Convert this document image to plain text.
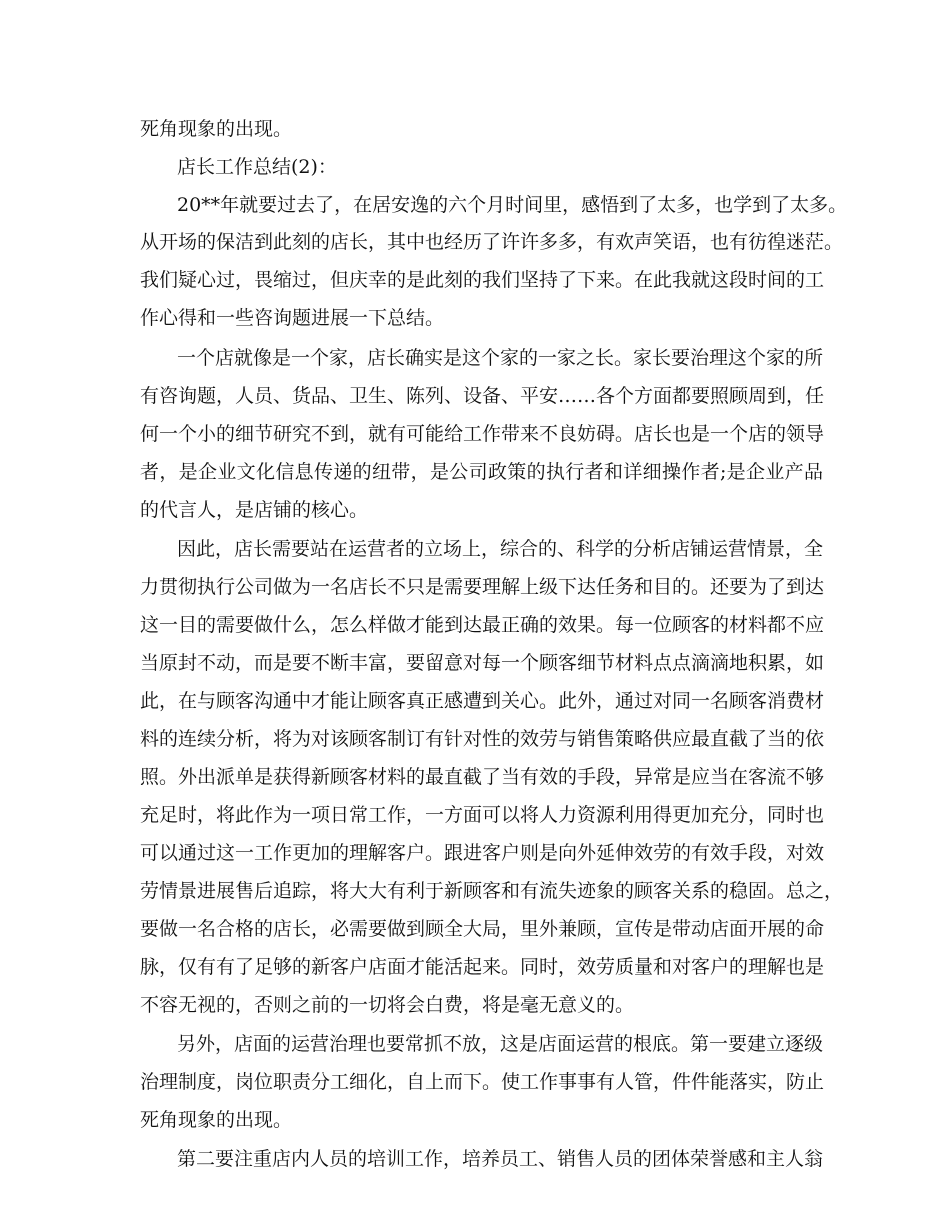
死角现象的出现。
店长工作总结(2)：
20**年就要过去了，在居安逸的六个月时间里，感悟到了太多，也学到了太多。
从开场的保洁到此刻的店长，其中也经历了许许多多，有欢声笑语，也有彷徨迷茫。
我们疑心过，畏缩过，但庆幸的是此刻的我们坚持了下来。在此我就这段时间的工
作心得和一些咨询题进展一下总结。
一个店就像是一个家，店长确实是这个家的一家之长。家长要治理这个家的所
有咨询题，人员、货品、卫生、陈列、设备、平安……各个方面都要照顾周到，任
何一个小的细节研究不到，就有可能给工作带来不良妨碍。店长也是一个店的领导
者，是企业文化信息传递的纽带，是公司政策的执行者和详细操作者;是企业产品
的代言人，是店铺的核心。
因此，店长需要站在运营者的立场上，综合的、科学的分析店铺运营情景，全
力贯彻执行公司做为一名店长不只是需要理解上级下达任务和目的。还要为了到达
这一目的需要做什么，怎么样做才能到达最正确的效果。每一位顾客的材料都不应
当原封不动，而是要不断丰富，要留意对每一个顾客细节材料点点滴滴地积累，如
此，在与顾客沟通中才能让顾客真正感遭到关心。此外，通过对同一名顾客消费材
料的连续分析，将为对该顾客制订有针对性的效劳与销售策略供应最直截了当的依
照。外出派单是获得新顾客材料的最直截了当有效的手段，异常是应当在客流不够
充足时，将此作为一项日常工作，一方面可以将人力资源利用得更加充分，同时也
可以通过这一工作更加的理解客户。跟进客户则是向外延伸效劳的有效手段，对效
劳情景进展售后追踪，将大大有利于新顾客和有流失迹象的顾客关系的稳固。总之，
要做一名合格的店长，必需要做到顾全大局，里外兼顾，宣传是带动店面开展的命
脉，仅有有了足够的新客户店面才能活起来。同时，效劳质量和对客户的理解也是
不容无视的，否则之前的一切将会白费，将是毫无意义的。
另外，店面的运营治理也要常抓不放，这是店面运营的根底。第一要建立逐级
治理制度，岗位职责分工细化，自上而下。使工作事事有人管，件件能落实，防止
死角现象的出现。
第二要注重店内人员的培训工作，培养员工、销售人员的团体荣誉感和主人翁
